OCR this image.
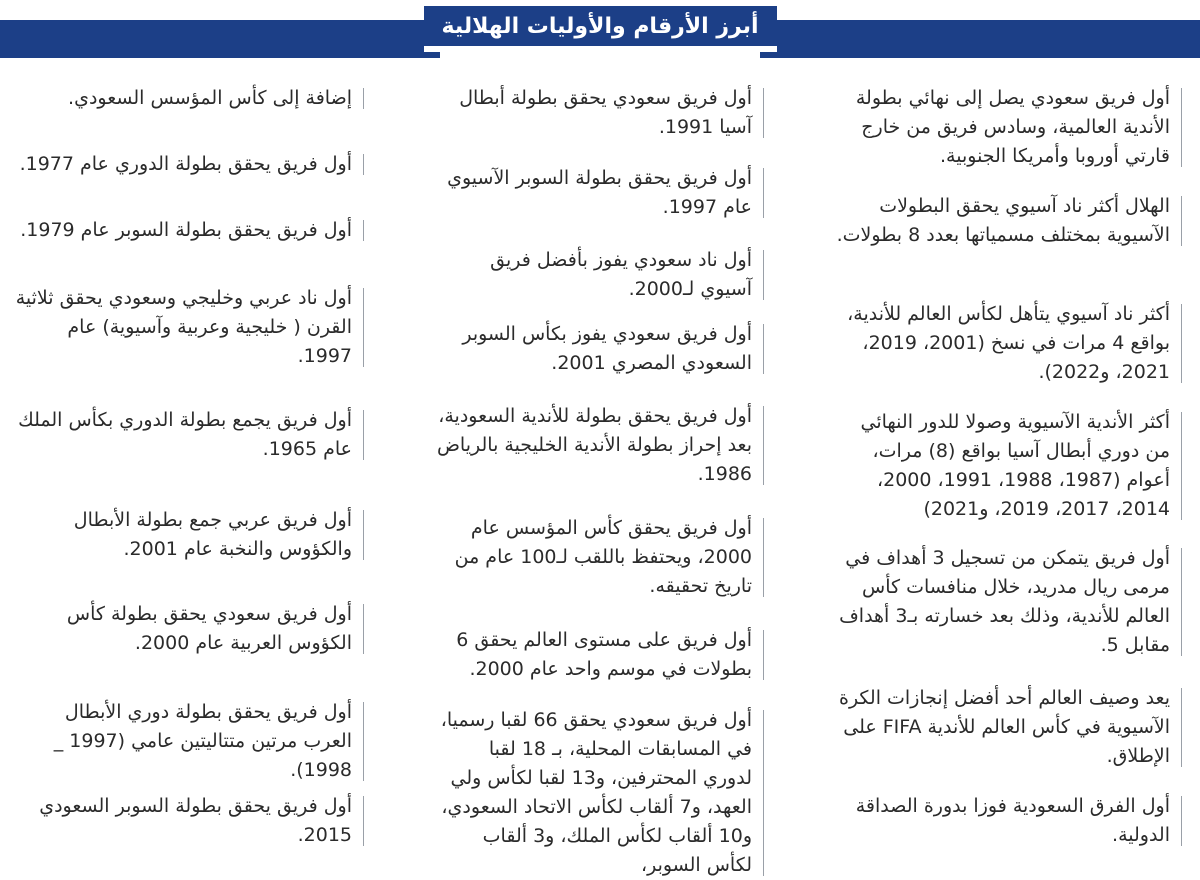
أبرز الأرقام والأوليات الهلالية
أول فريق سعودي يصل إلى نهائي بطولة الأندية العالمية، وسادس فريق من خارج قارتي أوروبا وأمريكا الجنوبية.
الهلال أكثر ناد آسيوي يحقق البطولات الآسيوية بمختلف مسمياتها بعدد 8 بطولات.
أكثر ناد آسيوي يتأهل لكأس العالم للأندية، بواقع 4 مرات في نسخ (2001، 2019، 2021، و2022).
أكثر الأندية الآسيوية وصولا للدور النهائي من دوري أبطال آسيا بواقع (8) مرات، أعوام (1987، 1988، 1991، 2000، 2014، 2017، 2019، و2021)
أول فريق يتمكن من تسجيل 3 أهداف في مرمى ريال مدريد، خلال منافسات كأس العالم للأندية، وذلك بعد خسارته بـ3 أهداف مقابل 5.
يعد وصيف العالم أحد أفضل إنجازات الكرة الآسيوية في كأس العالم للأندية FIFA على الإطلاق.
أول الفرق السعودية فوزا بدورة الصداقة الدولية.
أول فريق سعودي يحقق بطولة أبطال آسيا 1991.
أول فريق يحقق بطولة السوبر الآسيوي عام 1997.
أول ناد سعودي يفوز بأفضل فريق آسيوي لـ2000.
أول فريق سعودي يفوز بكأس السوبر السعودي المصري 2001.
أول فريق يحقق بطولة للأندية السعودية، بعد إحراز بطولة الأندية الخليجية بالرياض 1986.
أول فريق يحقق كأس المؤسس عام 2000، ويحتفظ باللقب لـ100 عام من تاريخ تحقيقه.
أول فريق على مستوى العالم يحقق 6 بطولات في موسم واحد عام 2000.
أول فريق سعودي يحقق 66 لقبا رسميا، في المسابقات المحلية، بـ 18 لقبا لدوري المحترفين، و13 لقبا لكأس ولي العهد، و7 ألقاب لكأس الاتحاد السعودي، و10 ألقاب لكأس الملك، و3 ألقاب لكأس السوبر،
إضافة إلى كأس المؤسس السعودي.
أول فريق يحقق بطولة الدوري عام 1977.
أول فريق يحقق بطولة السوبر عام 1979.
أول ناد عربي وخليجي وسعودي يحقق ثلاثية القرن ( خليجية وعربية وآسيوية) عام 1997.
أول فريق يجمع بطولة الدوري بكأس الملك عام 1965.
أول فريق عربي جمع بطولة الأبطال والكؤوس والنخبة عام 2001.
أول فريق سعودي يحقق بطولة كأس الكؤوس العربية عام 2000.
أول فريق يحقق بطولة دوري الأبطال العرب مرتين متتاليتين عامي (1997 _ 1998).
أول فريق يحقق بطولة السوبر السعودي 2015.
